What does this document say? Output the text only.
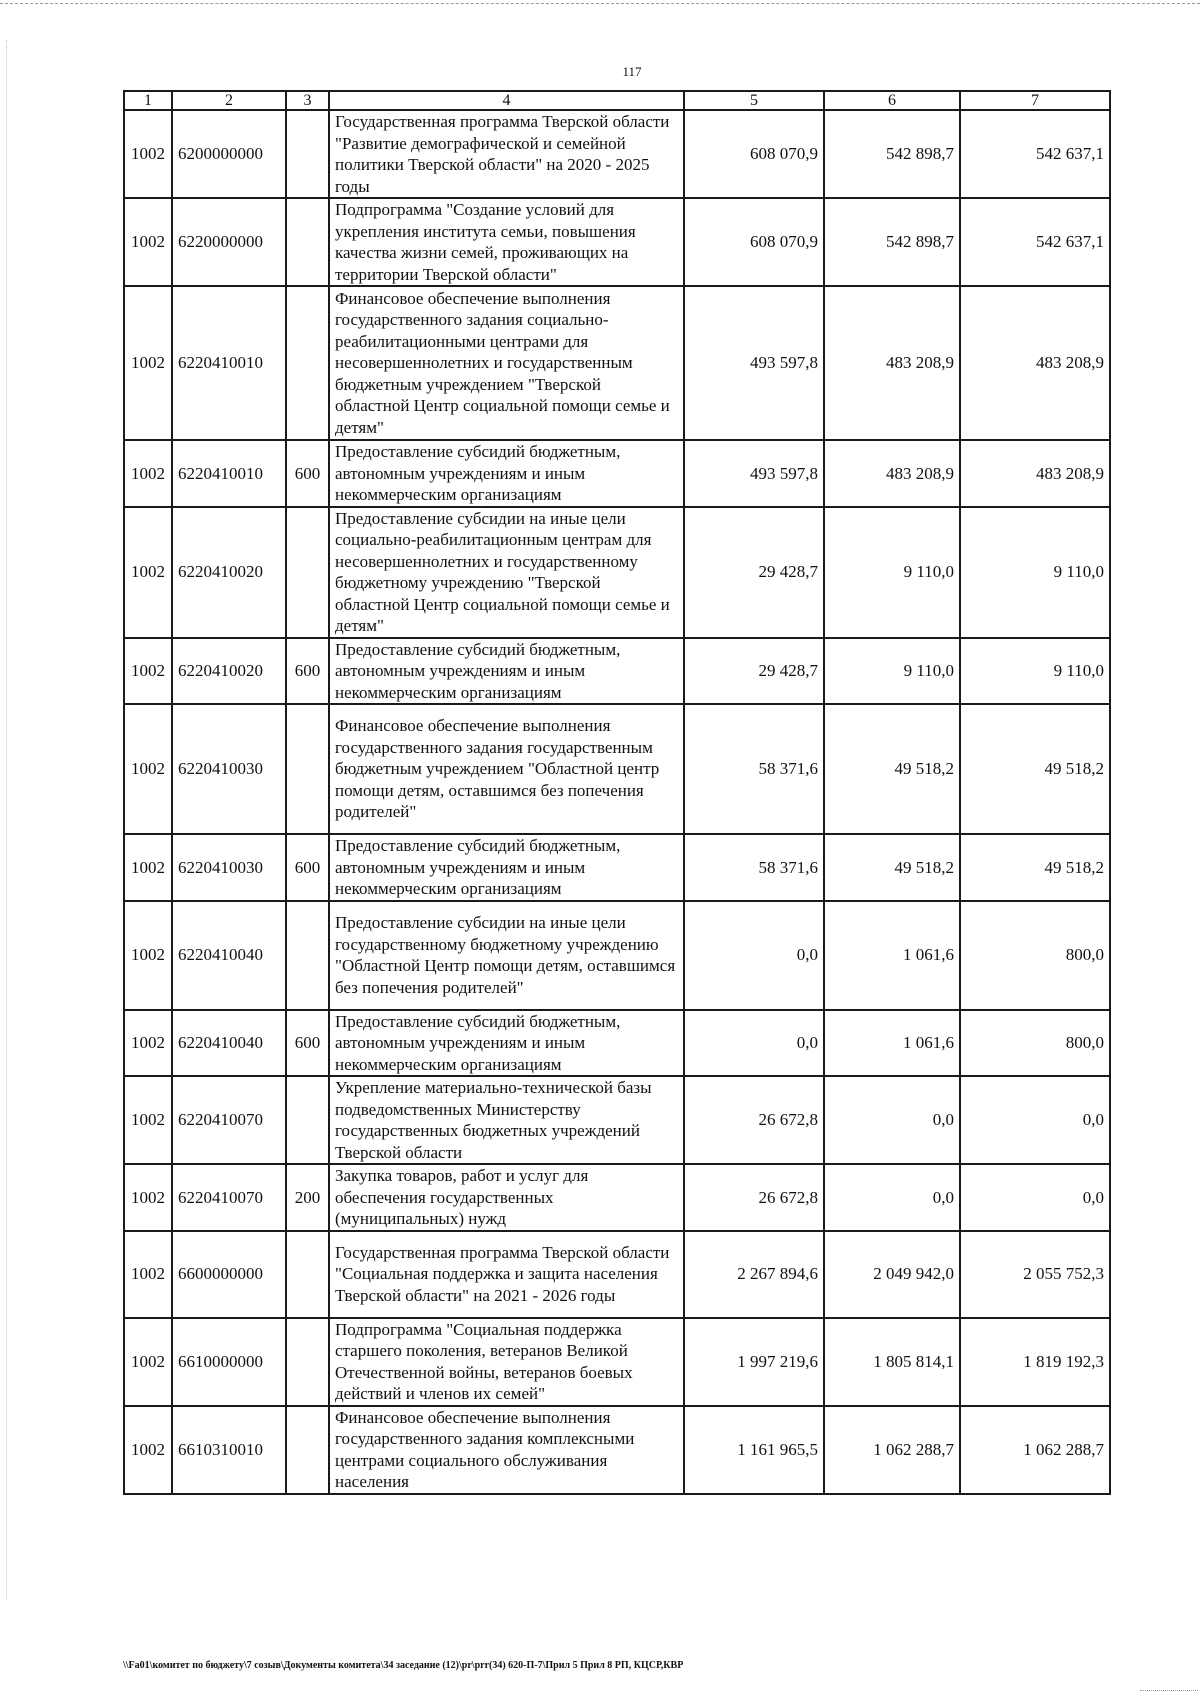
117
1	2	3	4	5	6	7
1002	6200000000		Государственная программа Тверской области "Развитие демографической и семейной политики Тверской области" на 2020 - 2025 годы	608 070,9	542 898,7	542 637,1
1002	6220000000		Подпрограмма "Создание условий для укрепления института семьи, повышения качества жизни семей, проживающих на территории Тверской области"	608 070,9	542 898,7	542 637,1
1002	6220410010		Финансовое обеспечение выполнения государственного задания социально-реабилитационными центрами для несовершеннолетних и государственным бюджетным учреждением "Тверской областной Центр социальной помощи семье и детям"	493 597,8	483 208,9	483 208,9
1002	6220410010	600	Предоставление субсидий бюджетным, автономным учреждениям и иным некоммерческим организациям	493 597,8	483 208,9	483 208,9
1002	6220410020		Предоставление субсидии на иные цели социально-реабилитационным центрам для несовершеннолетних и государственному бюджетному учреждению "Тверской областной Центр социальной помощи семье и детям"	29 428,7	9 110,0	9 110,0
1002	6220410020	600	Предоставление субсидий бюджетным, автономным учреждениям и иным некоммерческим организациям	29 428,7	9 110,0	9 110,0
1002	6220410030		Финансовое обеспечение выполнения государственного задания государственным бюджетным учреждением "Областной центр помощи детям, оставшимся без попечения родителей"	58 371,6	49 518,2	49 518,2
1002	6220410030	600	Предоставление субсидий бюджетным, автономным учреждениям и иным некоммерческим организациям	58 371,6	49 518,2	49 518,2
1002	6220410040		Предоставление субсидии на иные цели государственному бюджетному учреждению "Областной Центр помощи детям, оставшимся без попечения родителей"	0,0	1 061,6	800,0
1002	6220410040	600	Предоставление субсидий бюджетным, автономным учреждениям и иным некоммерческим организациям	0,0	1 061,6	800,0
1002	6220410070		Укрепление материально-технической базы подведомственных Министерству государственных бюджетных учреждений Тверской области	26 672,8	0,0	0,0
1002	6220410070	200	Закупка товаров, работ и услуг для обеспечения государственных (муниципальных) нужд	26 672,8	0,0	0,0
1002	6600000000		Государственная программа Тверской области "Социальная поддержка и защита населения Тверской области" на 2021 - 2026 годы	2 267 894,6	2 049 942,0	2 055 752,3
1002	6610000000		Подпрограмма "Социальная поддержка старшего поколения, ветеранов Великой Отечественной войны, ветеранов боевых действий и членов их семей"	1 997 219,6	1 805 814,1	1 819 192,3
1002	6610310010		Финансовое обеспечение выполнения государственного задания комплексными центрами социального обслуживания населения	1 161 965,5	1 062 288,7	1 062 288,7
\\Fa01\комитет по бюджету\7 созыв\Документы комитета\34 заседание (12)\pr\prr(34) 620-П-7\Прил 5 Прил 8 РП, КЦСР,КВР
